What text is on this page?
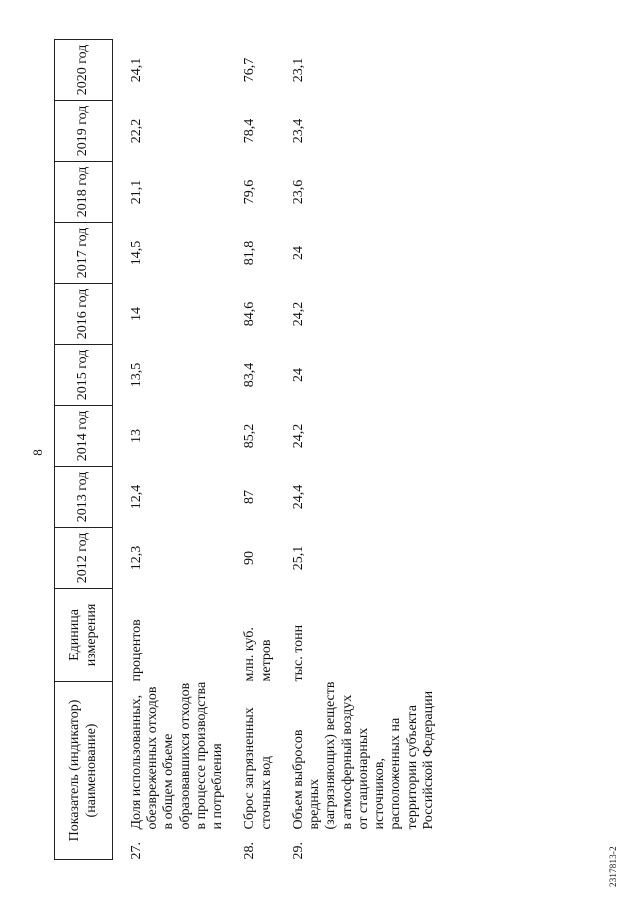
8
Показатель (индикатор) (наименование)		Единица измерения	2012 год	2013 год	2014 год	2015 год	2016 год	2017 год	2018 год	2019 год	2020 год

27.	Доля использованных, обезвреженных отходов в общем объеме образовавшихся отходов в процессе производства и потребления	процентов	12,3	12,4	13	13,5	14	14,5	21,1	22,2	24,1

28.	Сброс загрязненных сточных вод	млн. куб. метров	90	87	85,2	83,4	84,6	81,8	79,6	78,4	76,7

29.	Объем выбросов вредных (загрязняющих) веществ в атмосферный воздух от стационарных источников, расположенных на территории субъекта Российской Федерации	тыс. тонн	25,1	24,4	24,2	24	24,2	24	23,6	23,4	23,1
2317813-2
